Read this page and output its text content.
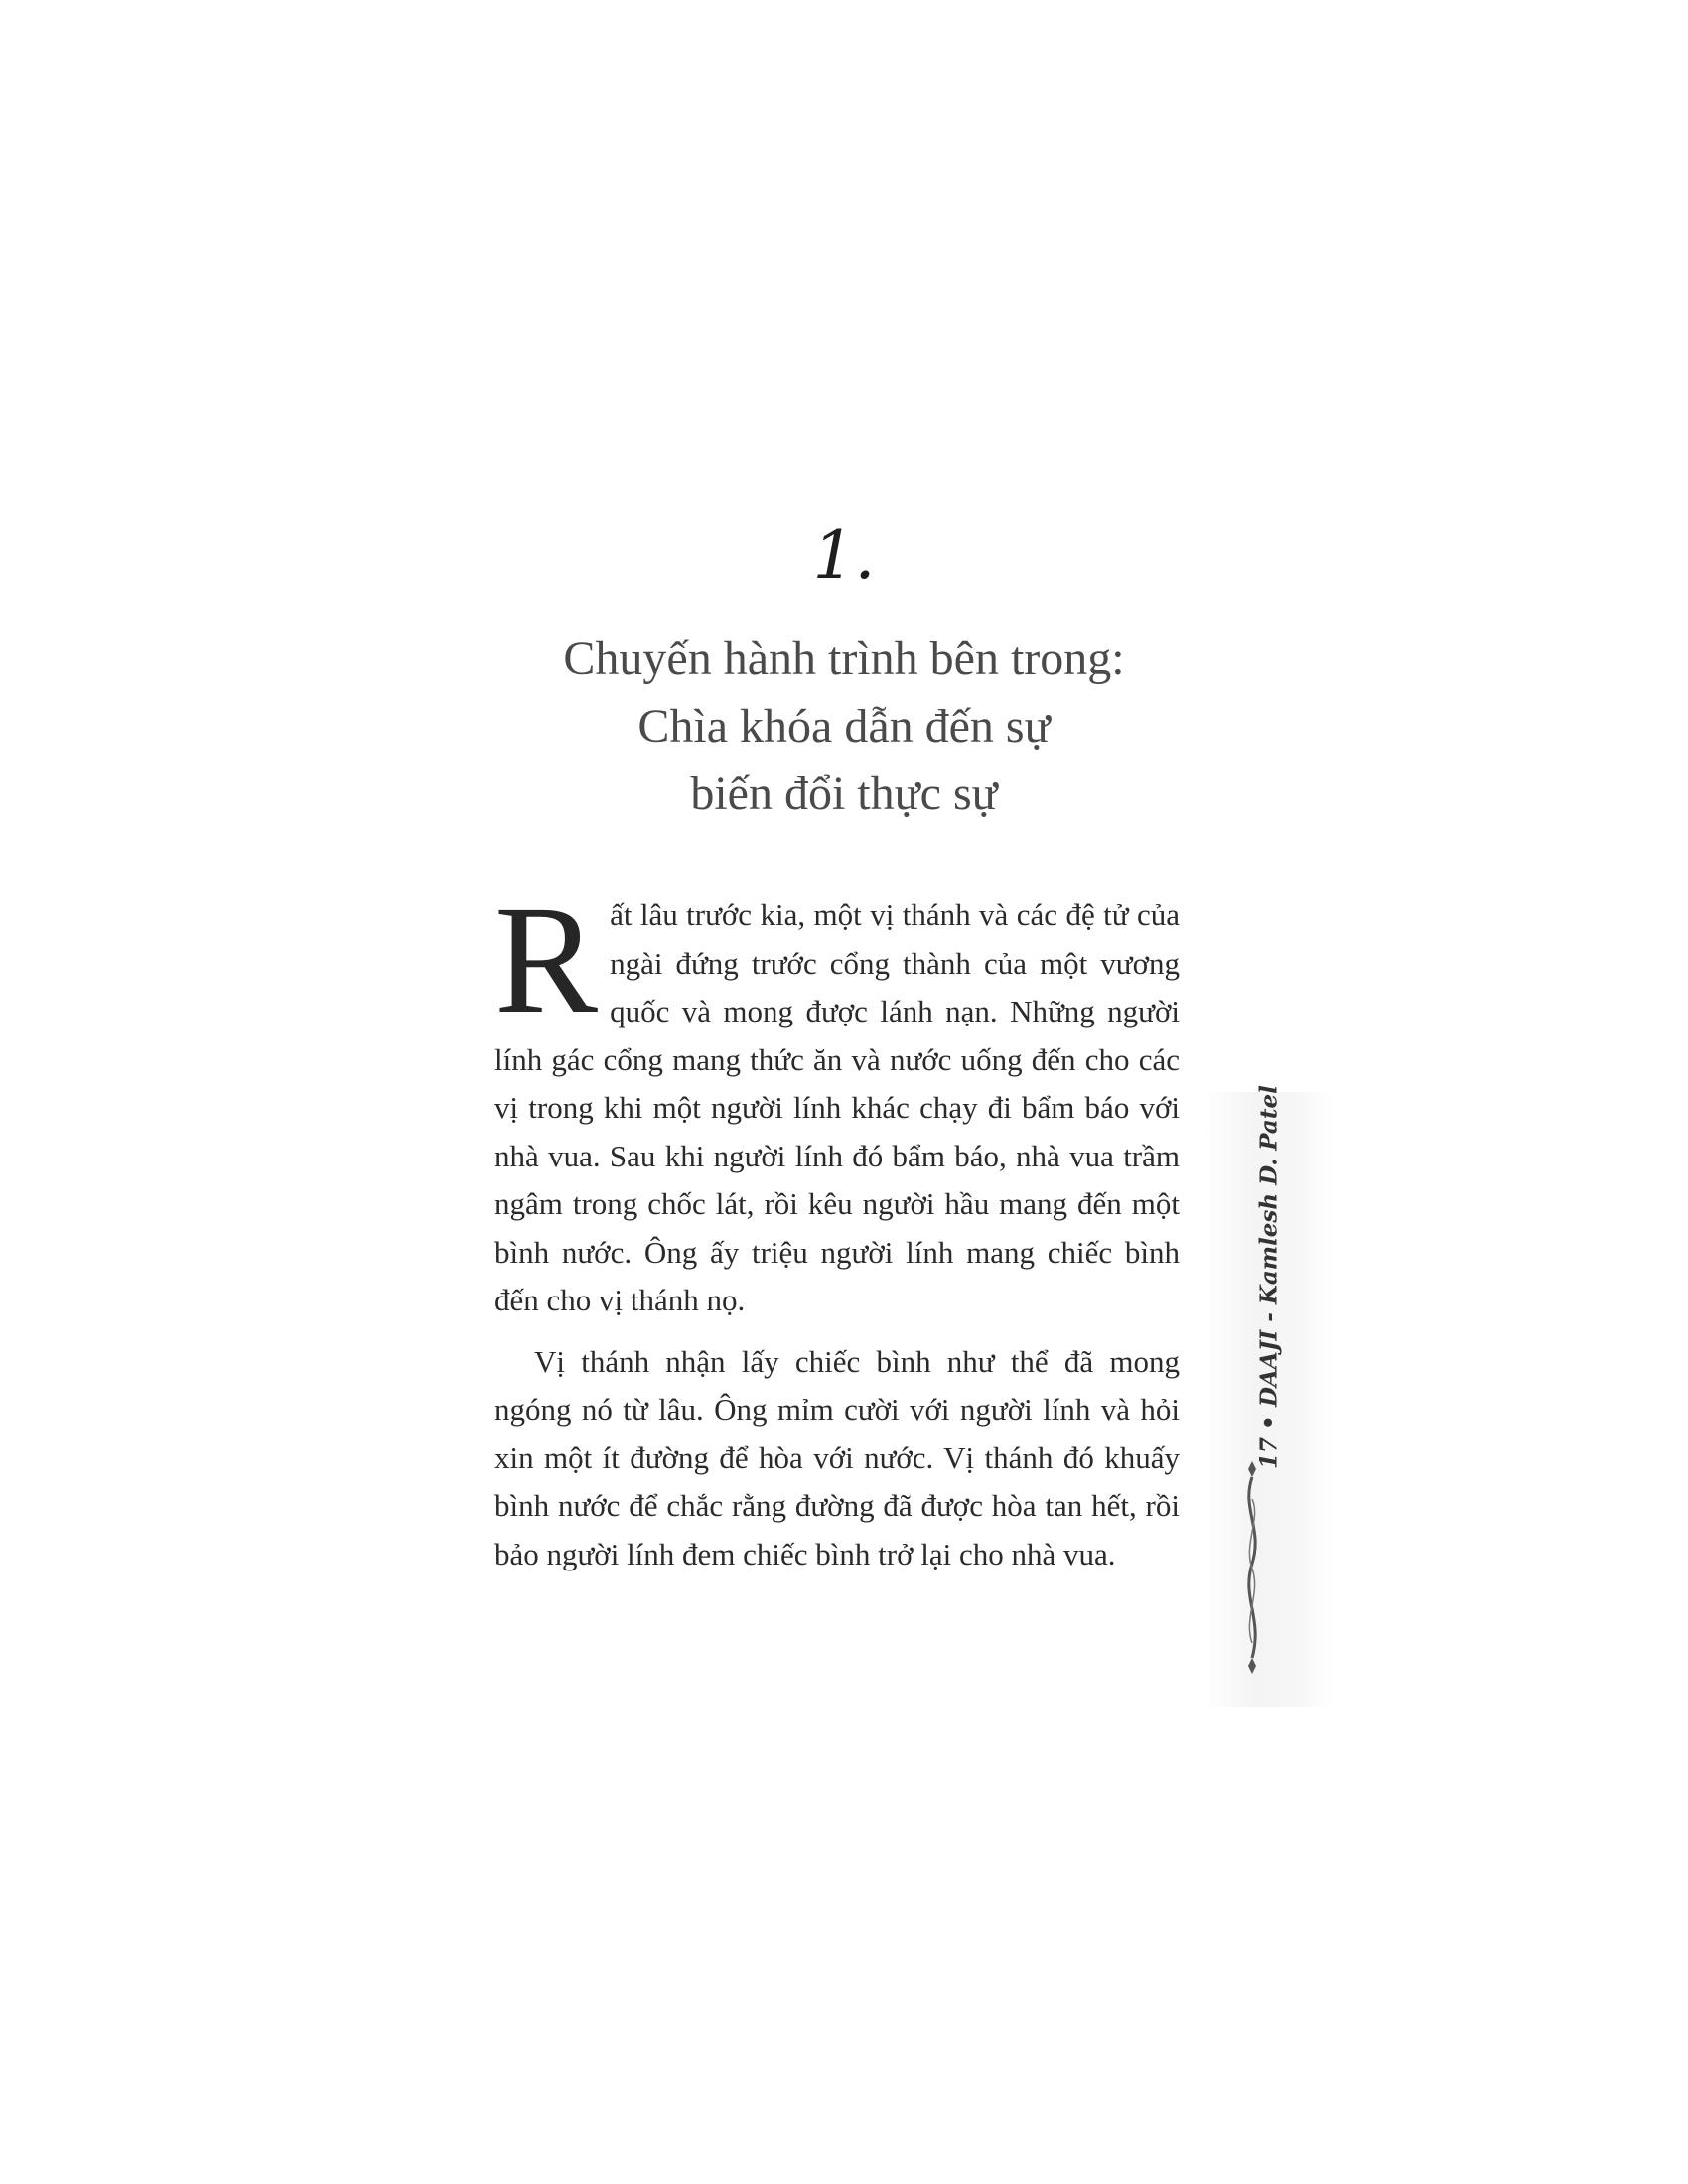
1.
Chuyến hành trình bên trong:
Chìa khóa dẫn đến sự
biến đổi thực sự

Rất lâu trước kia, một vị thánh và các đệ tử của ngài đứng trước cổng thành của một vương quốc và mong được lánh nạn. Những người lính gác cổng mang thức ăn và nước uống đến cho các vị trong khi một người lính khác chạy đi bẩm báo với nhà vua. Sau khi người lính đó bẩm báo, nhà vua trầm ngâm trong chốc lát, rồi kêu người hầu mang đến một bình nước. Ông ấy triệu người lính mang chiếc bình đến cho vị thánh nọ.

Vị thánh nhận lấy chiếc bình như thể đã mong ngóng nó từ lâu. Ông mỉm cười với người lính và hỏi xin một ít đường để hòa với nước. Vị thánh đó khuấy bình nước để chắc rằng đường đã được hòa tan hết, rồi bảo người lính đem chiếc bình trở lại cho nhà vua.

17
•
DAAJI - Kamlesh D. Patel
